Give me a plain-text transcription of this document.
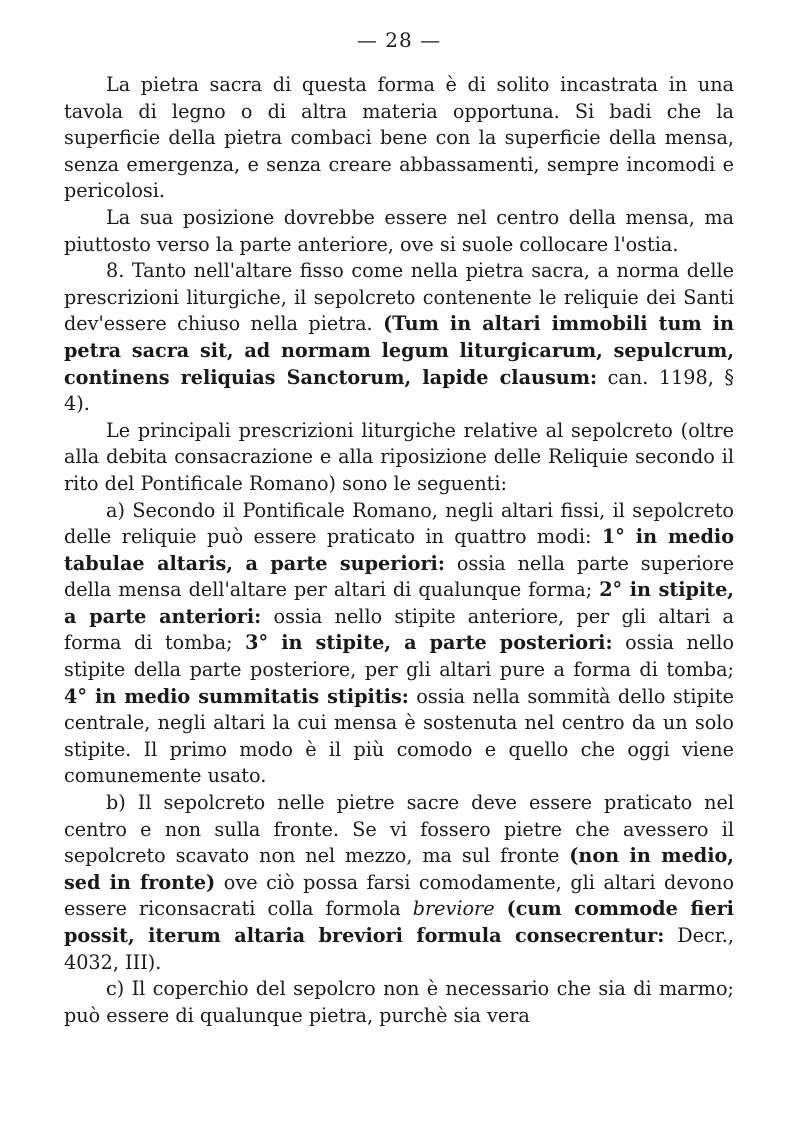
— 28 —

La pietra sacra di questa forma è di solito incastrata in una tavola di legno o di altra materia opportuna. Si badi che la superficie della pietra combaci bene con la superficie della mensa, senza emergenza, e senza creare abbassamenti, sempre incomodi e pericolosi.

La sua posizione dovrebbe essere nel centro della mensa, ma piuttosto verso la parte anteriore, ove si suole collocare l'ostia.

8. Tanto nell'altare fisso come nella pietra sacra, a norma delle prescrizioni liturgiche, il sepolcreto contenente le reliquie dei Santi dev'essere chiuso nella pietra. (Tum in altari immobili tum in petra sacra sit, ad normam legum liturgicarum, sepulcrum, continens reliquias Sanctorum, lapide clausum: can. 1198, § 4).

Le principali prescrizioni liturgiche relative al sepolcreto (oltre alla debita consacrazione e alla riposizione delle Reliquie secondo il rito del Pontificale Romano) sono le seguenti:

a) Secondo il Pontificale Romano, negli altari fissi, il sepolcreto delle reliquie può essere praticato in quattro modi: 1° in medio tabulae altaris, a parte superiori: ossia nella parte superiore della mensa dell'altare per altari di qualunque forma; 2° in stipite, a parte anteriori: ossia nello stipite anteriore, per gli altari a forma di tomba; 3° in stipite, a parte posteriori: ossia nello stipite della parte posteriore, per gli altari pure a forma di tomba; 4° in medio summitatis stipitis: ossia nella sommità dello stipite centrale, negli altari la cui mensa è sostenuta nel centro da un solo stipite. Il primo modo è il più comodo e quello che oggi viene comunemente usato.

b) Il sepolcreto nelle pietre sacre deve essere praticato nel centro e non sulla fronte. Se vi fossero pietre che avessero il sepolcreto scavato non nel mezzo, ma sul fronte (non in medio, sed in fronte) ove ciò possa farsi comodamente, gli altari devono essere riconsacrati colla formola breviore (cum commode fieri possit, iterum altaria breviori formula consecrentur: Decr., 4032, III).

c) Il coperchio del sepolcro non è necessario che sia di marmo; può essere di qualunque pietra, purchè sia vera
